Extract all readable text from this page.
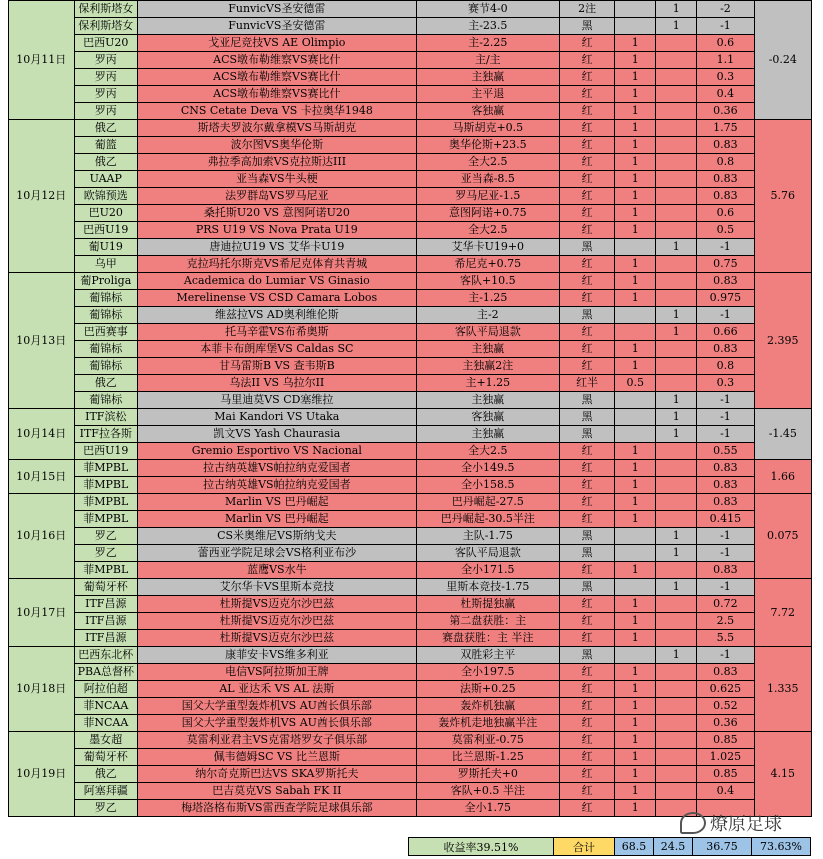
10月11日	保利斯塔女	FunvicVS圣安德雷	赛节4-0	2注		1	-2	-0.24
	保利斯塔女	FunvicVS圣安德雷	主-23.5	黑		1	-1	
	巴西U20	戈亚尼竞技VS AE Olimpio	主-2.25	红	1		0.6	
	罗丙	ACS墩布勒维察VS赛比什	主/主	红	1		1.1	
	罗丙	ACS墩布勒维察VS赛比什	主独赢	红	1		0.3	
	罗丙	ACS墩布勒维察VS赛比什	主平退	红	1		0.4	
	罗丙	CNS Cetate Deva VS 卡拉奥华1948	客独赢	红	1		0.36	
10月12日	俄乙	斯塔夫罗波尔戴拿模VS马斯胡克	马斯胡克+0.5	红	1		1.75	5.76
	葡篮	波尔图VS奥华伦斯	奥华伦斯+23.5	红	1		0.83	
	俄乙	弗拉季高加索VS克拉斯达III	全大2.5	红	1		0.8	
	UAAP	亚当森VS牛头梗	亚当森-8.5	红	1		0.83	
	欧锦预选	法罗群岛VS罗马尼亚	罗马尼亚-1.5	红	1		0.83	
	巴U20	桑托斯U20 VS 意图阿诺U20	意图阿诺+0.75	红	1		0.6	
	巴西U19	PRS U19 VS Nova Prata U19	全大2.5	红	1		0.5	
	葡U19	唐迪拉U19 VS 艾华卡U19	艾华卡U19+0	黑		1	-1	
	乌甲	克拉玛托尔斯克VS希尼克体育共青城	希尼克+0.75	红	1		0.75	
10月13日	葡Proliga	Academica do Lumiar VS Ginasio	客队+10.5	红	1		0.83	2.395
	葡锦标	Merelinense VS CSD Camara Lobos	主-1.25	红	1		0.975	
	葡锦标	维兹拉VS AD奥利维伦斯	主-2	黑		1	-1	
	巴西赛事	托马辛霍VS布希奥斯	客队平局退款	红		1	0.66	
	葡锦标	本菲卡布朗库堡VS Caldas SC	主独赢	红	1		0.83	
	葡锦标	甘马雷斯B VS 查韦斯B	主独赢2注	红	1		0.8	
	俄乙	乌法II VS 乌拉尔II	主+1.25	红半	0.5		0.3	
	葡锦标	马里迪莫VS CD塞维拉	主独赢	黑		1	-1	
10月14日	ITF滨松	Mai Kandori VS Utaka	客独赢	黑		1	-1	-1.45
	ITF拉各斯	凯文VS Yash Chaurasia	主独赢	黑		1	-1	
	巴西U19	Gremio Esportivo VS Nacional	全大2.5	红	1		0.55	
10月15日	菲MPBL	拉古纳英雄VS帕拉纳克爱国者	全小149.5	红	1		0.83	1.66
	菲MPBL	拉古纳英雄VS帕拉纳克爱国者	全小158.5	红	1		0.83	
10月16日	菲MPBL	Marlin VS 巴丹崛起	巴丹崛起-27.5	红	1		0.83	0.075
	菲MPBL	Marlin VS 巴丹崛起	巴丹崛起-30.5半注	红	1		0.415	
	罗乙	CS米奥维尼VS斯纳戈夫	主队-1.75	黑		1	-1	
	罗乙	蕾西亚学院足球会VS格利亚布沙	客队平局退款	黑		1	-1	
	菲MPBL	蓝鹰VS水牛	全小171.5	红	1		0.83	
10月17日	葡萄牙杯	艾尔华卡VS里斯本竞技	里斯本竞技-1.75	黑		1	-1	7.72
	ITF昌源	杜斯提VS迈克尔沙巴兹	杜斯提独赢	红	1		0.72	
	ITF昌源	杜斯提VS迈克尔沙巴兹	第二盘获胜：主	红	1		2.5	
	ITF昌源	杜斯提VS迈克尔沙巴兹	赛盘获胜：主 半注	红	1		5.5	
10月18日	巴西东北杯	康菲安卡VS维多利亚	双胜彩主平	黑		1	-1	1.335
	PBA总督杯	电信VS阿拉斯加王牌	全小197.5	红	1		0.83	
	阿拉伯超	AL 亚达禾 VS AL 法斯	法斯+0.25	红	1		0.625	
	菲NCAA	国父大学重型轰炸机VS AU酋长俱乐部	轰炸机独赢	红	1		0.52	
	菲NCAA	国父大学重型轰炸机VS AU酋长俱乐部	轰炸机走地独赢半注	红	1		0.36	
10月19日	墨女超	莫雷利亚君主VS克雷塔罗女子俱乐部	莫雷利亚-0.75	红	1		0.85	4.15
	葡萄牙杯	佩韦德姆SC VS 比兰恩斯	比兰恩斯-1.25	红	1		1.025	
	俄乙	纳尔奇克斯巴达VS SKA罗斯托夫	罗斯托夫+0	红	1		0.85	
	阿塞拜疆	巴吉莫克VS Sabah FK II	客队+0.5 半注	红	1		0.4	
	罗乙	梅塔洛格布斯VS雷西查学院足球俱乐部	全小1.75	红	1			
收益率39.51%	合计	68.5	24.5	36.75	73.63%
燎原足球
